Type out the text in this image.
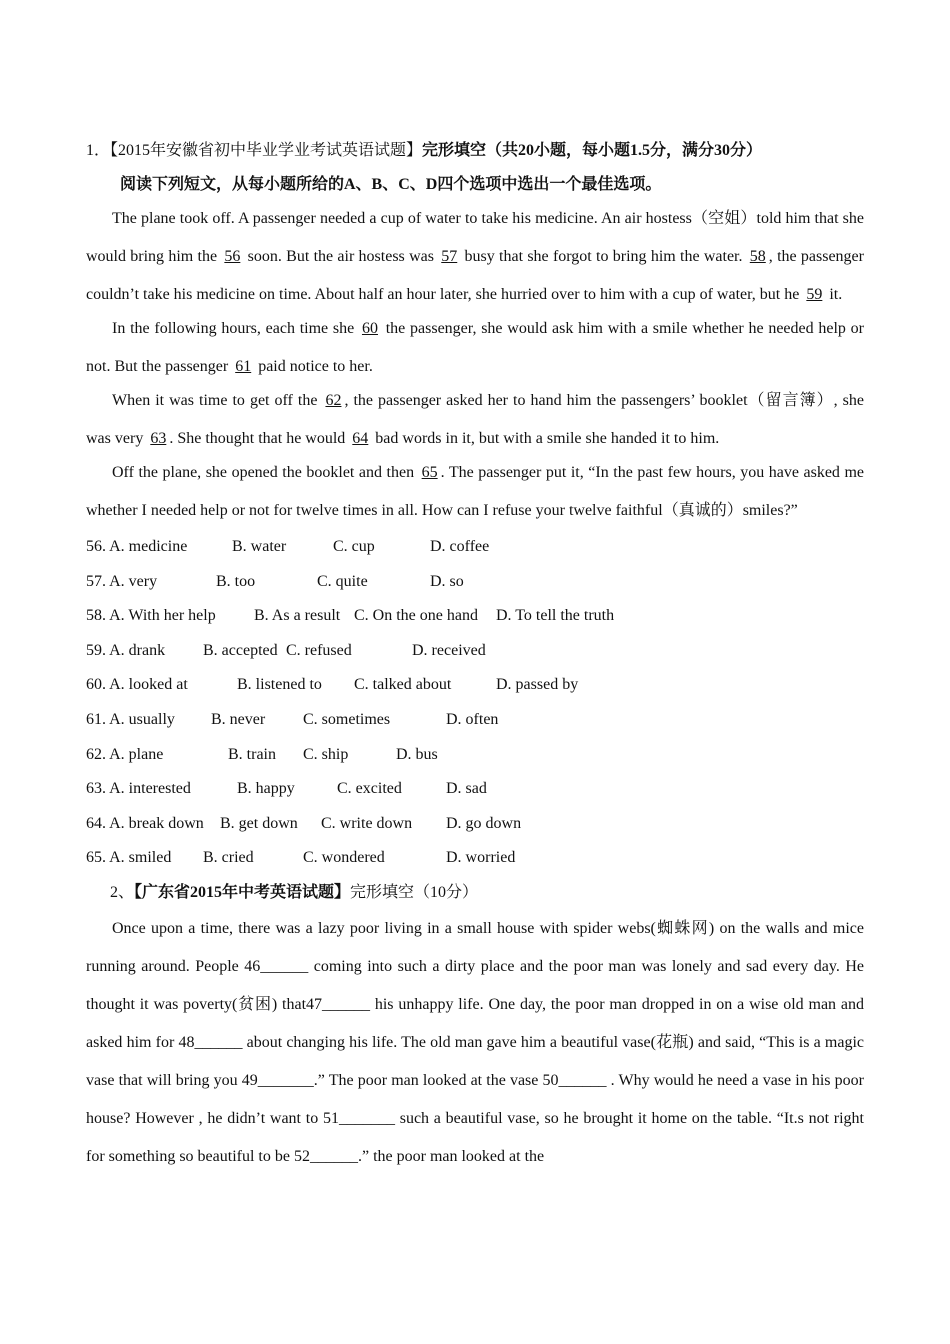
1．【2015年安徽省初中毕业学业考试英语试题】完形填空（共20小题，每小题1.5分，满分30分）
阅读下列短文，从每小题所给的A、B、C、D四个选项中选出一个最佳选项。
The plane took off. A passenger needed a cup of water to take his medicine. An air hostess（空姐）told him that she would bring him the 56 soon. But the air hostess was 57 busy that she forgot to bring him the water. 58 , the passenger couldn’t take his medicine on time. About half an hour later, she hurried over to him with a cup of water, but he 59 it.
In the following hours, each time she 60 the passenger, she would ask him with a smile whether he needed help or not. But the passenger 61 paid notice to her.
When it was time to get off the 62 , the passenger asked her to hand him the passengers’ booklet（留言簿）, she was very 63 . She thought that he would 64 bad words in it, but with a smile she handed it to him.
Off the plane, she opened the booklet and then 65 . The passenger put it, “In the past few hours, you have asked me whether I needed help or not for twelve times in all. How can I refuse your twelve faithful（真诚的）smiles?”
56. A. medicine	B. water	C. cup	D. coffee
57. A. very	B. too	C. quite	D. so
58. A. With her help B. As a result C. On the one hand D. To tell the truth
59. A. drank B. accepted C. refused	D. received
60. A. looked at	B. listened to C. talked about	D. passed by
61. A. usually B. never C. sometimes	D. often
62. A. plane	B. train C. ship	D. bus
63. A. interested	B. happy	C. excited	D. sad
64. A. break down B. get down C. write down D. go down
65. A. smiled B. cried	C. wondered	D. worried
2、【广东省2015年中考英语试题】完形填空（10分）
Once upon a time, there was a lazy poor living in a small house with spider webs(蜘蛛网) on the walls and mice running around. People 46______ coming into such a dirty place and the poor man was lonely and sad every day. He thought it was poverty(贫困) that47______ his unhappy life. One day, the poor man dropped in on a wise old man and asked him for 48______ about changing his life. The old man gave him a beautiful vase(花瓶) and said, “This is a magic vase that will bring you 49_______.” The poor man looked at the vase 50______ . Why would he need a vase in his poor house? However , he didn’t want to 51_______ such a beautiful vase, so he brought it home on the table. “It.s not right for something so beautiful to be 52______.” the poor man looked at the
